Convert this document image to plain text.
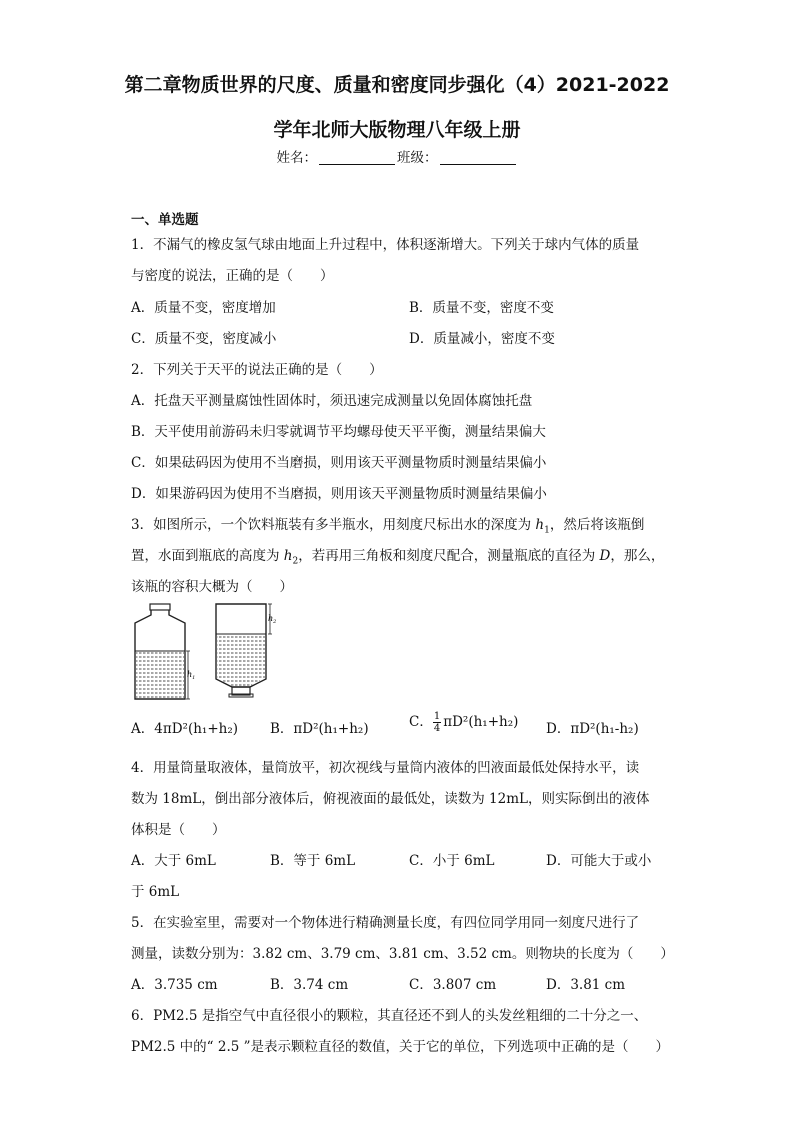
第二章物质世界的尺度、质量和密度同步强化（4）2021-2022
学年北师大版物理八年级上册
姓名：	班级：
一、单选题
1．不漏气的橡皮氢气球由地面上升过程中，体积逐渐增大。下列关于球内气体的质量
与密度的说法，正确的是（　　）
A．质量不变，密度增加	B．质量不变，密度不变
C．质量不变，密度减小	D．质量减小，密度不变
2．下列关于天平的说法正确的是（　　）
A．托盘天平测量腐蚀性固体时，须迅速完成测量以免固体腐蚀托盘
B．天平使用前游码未归零就调节平均螺母使天平平衡，测量结果偏大
C．如果砝码因为使用不当磨损，则用该天平测量物质时测量结果偏小
D．如果游码因为使用不当磨损，则用该天平测量物质时测量结果偏小
3．如图所示，一个饮料瓶装有多半瓶水，用刻度尺标出水的深度为 $h_1$，然后将该瓶倒
置，水面到瓶底的高度为 $h_2$，若再用三角板和刻度尺配合，测量瓶底的直径为 D，那么，
该瓶的容积大概为（　　）
$h_1$
$h_2$
A．4πD²(h₁+h₂) B．πD²(h₁+h₂)	C． $\frac{1}{4} \pi D^2(h_1+h_2)$ D．πD²(h₁-h₂)
4．用量筒量取液体，量筒放平，初次视线与量筒内液体的凹液面最低处保持水平，读
数为 18mL，倒出部分液体后，俯视液面的最低处，读数为 12mL，则实际倒出的液体
体积是（　　）
A．大于 6mL	B．等于 6mL	C．小于 6mL	D．可能大于或小
于 6mL
5．在实验室里，需要对一个物体进行精确测量长度，有四位同学用同一刻度尺进行了
测量，读数分别为：3.82 cm、3.79 cm、3.81 cm、3.52 cm。则物块的长度为（　　）
A．3.735 cm	B．3.74 cm	C．3.807 cm	D．3.81 cm
6．PM2.5 是指空气中直径很小的颗粒，其直径还不到人的头发丝粗细的二十分之一、
PM2.5 中的“ 2.5 ”是表示颗粒直径的数值，关于它的单位，下列选项中正确的是（　　）
